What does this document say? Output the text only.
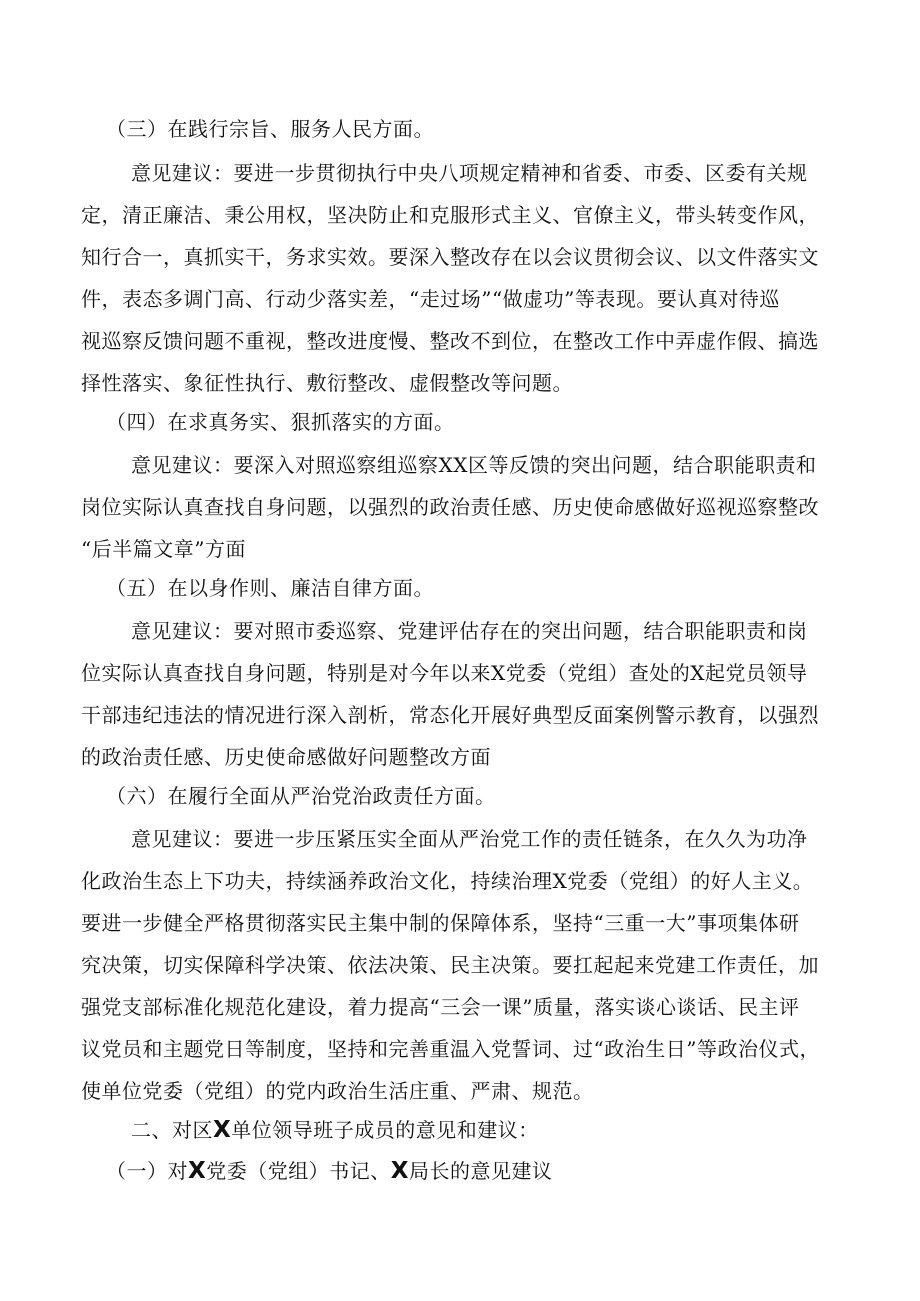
（三）在践行宗旨、服务人民方面。
意见建议：要进一步贯彻执行中央八项规定精神和省委、市委、区委有关规
定，清正廉洁、秉公用权，坚决防止和克服形式主义、官僚主义，带头转变作风，
知行合一，真抓实干，务求实效。要深入整改存在以会议贯彻会议、以文件落实文
件，表态多调门高、行动少落实差，“走过场”“做虚功”等表现。要认真对待巡
视巡察反馈问题不重视，整改进度慢、整改不到位，在整改工作中弄虚作假、搞选
择性落实、象征性执行、敷衍整改、虚假整改等问题。
（四）在求真务实、狠抓落实的方面。
意见建议：要深入对照巡察组巡察XX区等反馈的突出问题，结合职能职责和
岗位实际认真查找自身问题，以强烈的政治责任感、历史使命感做好巡视巡察整改
“后半篇文章”方面
（五）在以身作则、廉洁自律方面。
意见建议：要对照市委巡察、党建评估存在的突出问题，结合职能职责和岗
位实际认真查找自身问题，特别是对今年以来X党委（党组）查处的X起党员领导
干部违纪违法的情况进行深入剖析，常态化开展好典型反面案例警示教育，以强烈
的政治责任感、历史使命感做好问题整改方面
（六）在履行全面从严治党治政责任方面。
意见建议：要进一步压紧压实全面从严治党工作的责任链条，在久久为功净
化政治生态上下功夫，持续涵养政治文化，持续治理X党委（党组）的好人主义。
要进一步健全严格贯彻落实民主集中制的保障体系，坚持“三重一大”事项集体研
究决策，切实保障科学决策、依法决策、民主决策。要扛起起来党建工作责任，加
强党支部标准化规范化建设，着力提高“三会一课”质量，落实谈心谈话、民主评
议党员和主题党日等制度，坚持和完善重温入党誓词、过“政治生日”等政治仪式，
使单位党委（党组）的党内政治生活庄重、严肃、规范。
二、对区X单位领导班子成员的意见和建议：
（一）对X党委（党组）书记、X局长的意见建议
